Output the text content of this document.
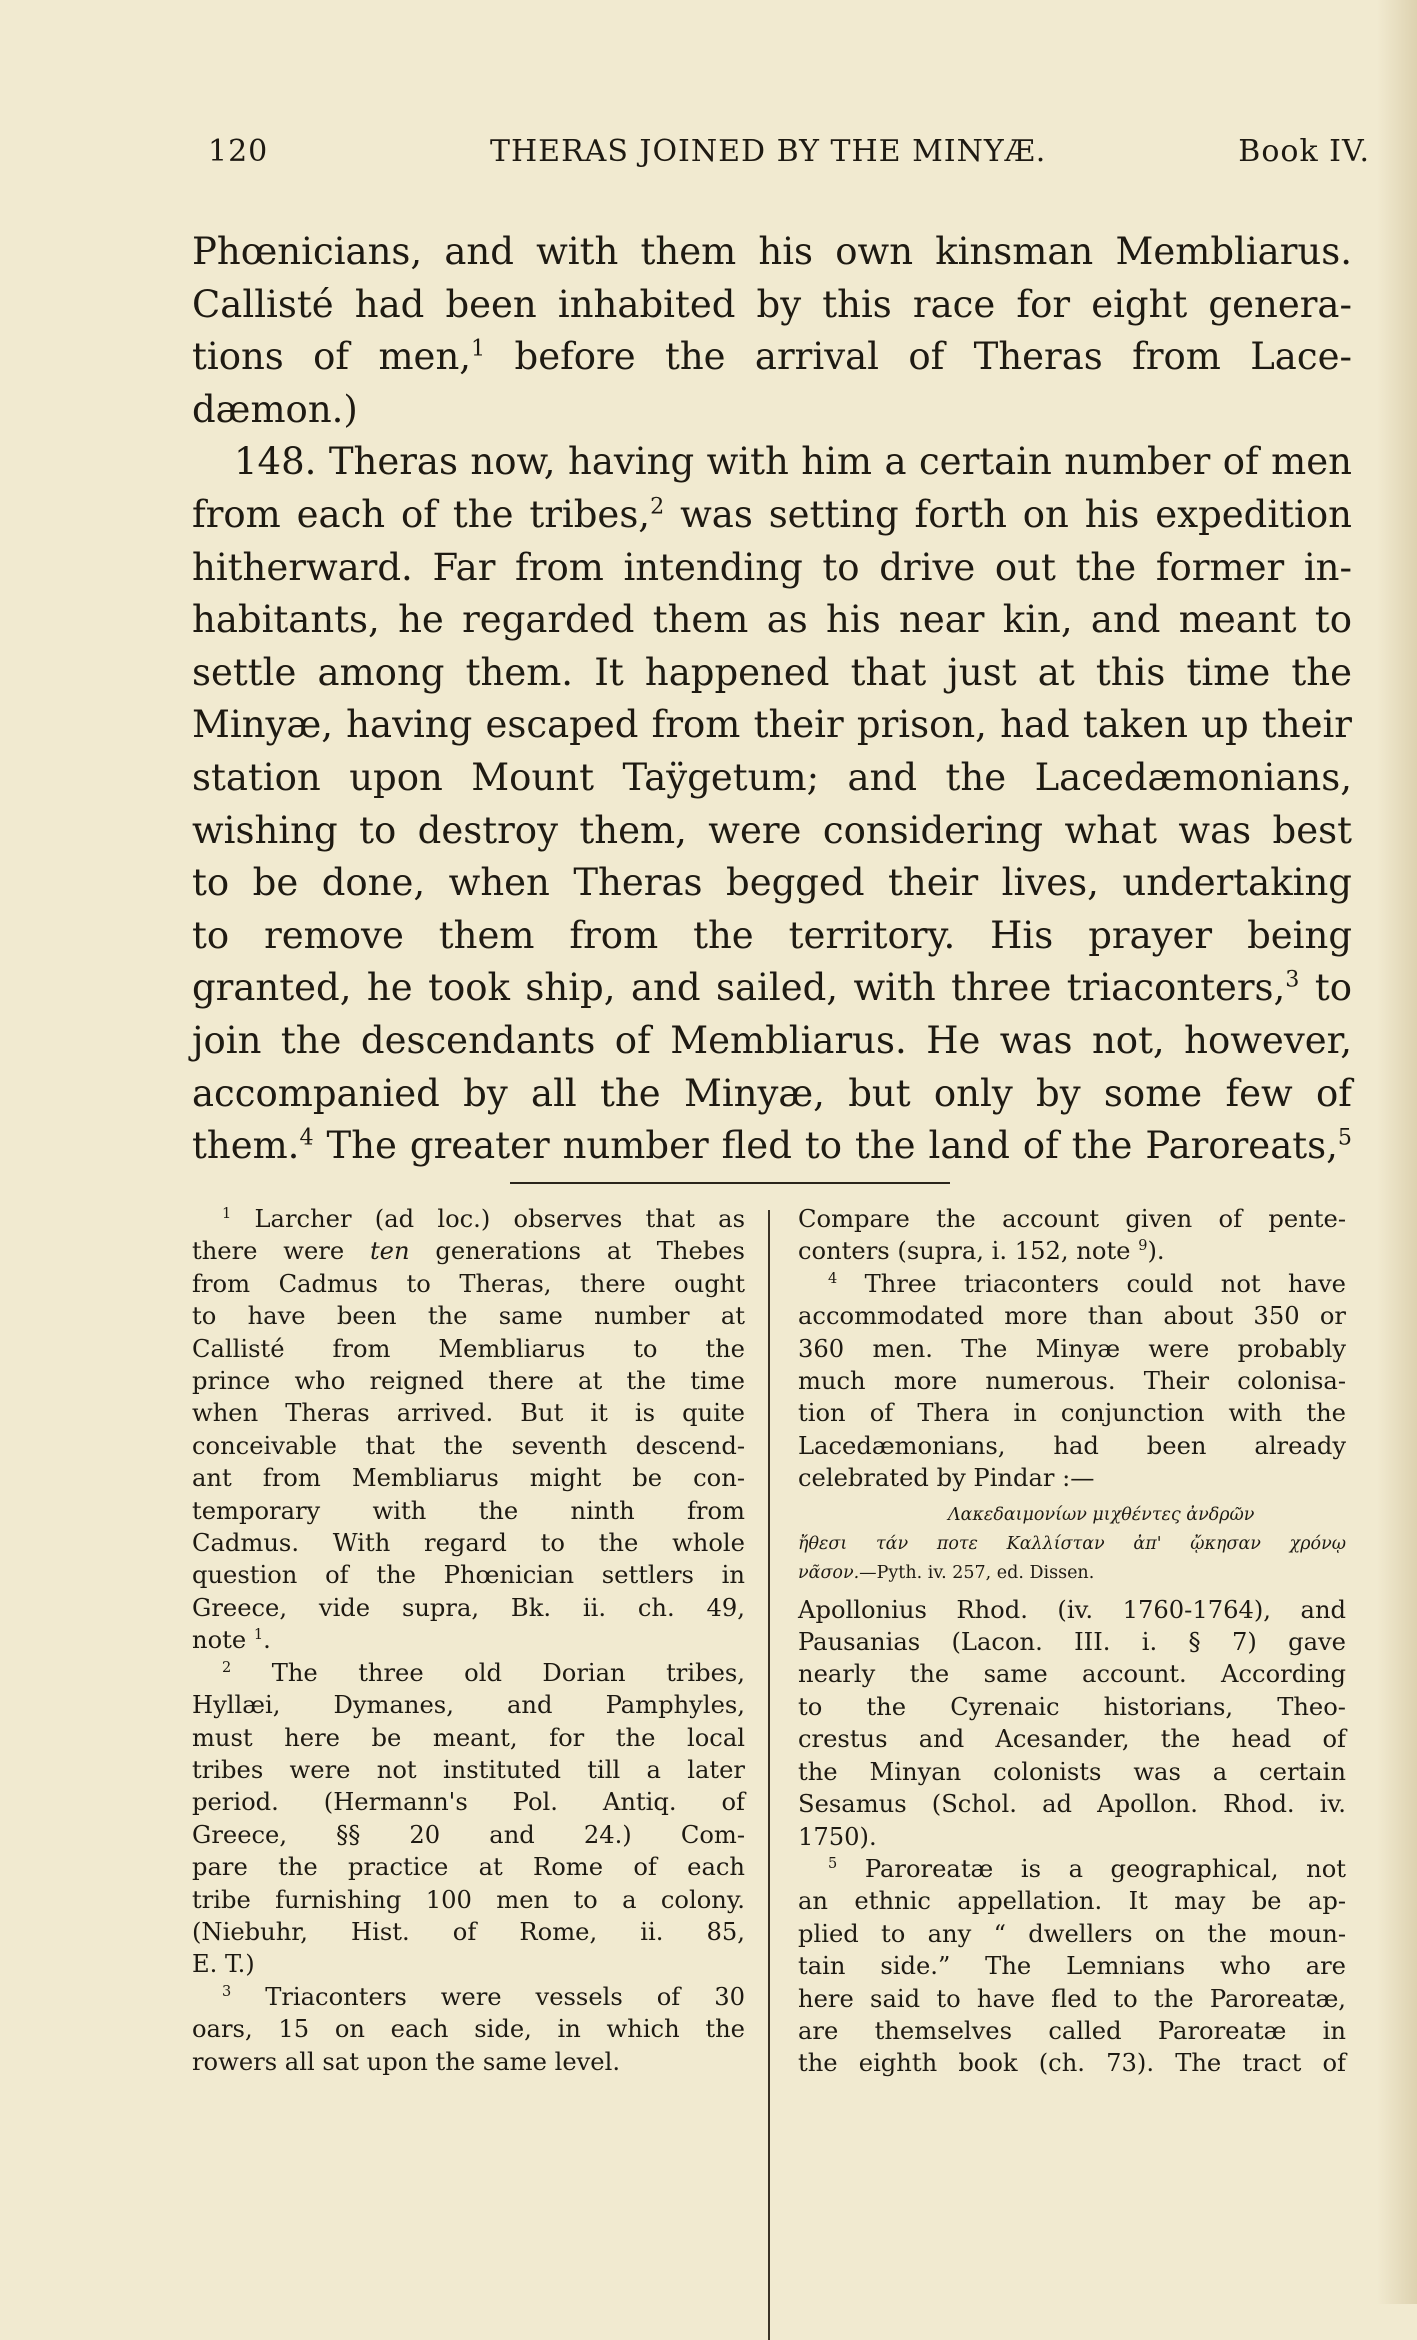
120	THERAS JOINED BY THE MINYÆ.	Book IV.

Phœnicians, and with them his own kinsman Membliarus.
Callisté had been inhabited by this race for eight genera-
tions of men,$^1$ before the arrival of Theras from Lace-
dæmon.)

148. Theras now, having with him a certain number of men
from each of the tribes,$^2$ was setting forth on his expedition
hitherward. Far from intending to drive out the former in-
habitants, he regarded them as his near kin, and meant to
settle among them. It happened that just at this time the
Minyæ, having escaped from their prison, had taken up their
station upon Mount Taÿgetum; and the Lacedæmonians,
wishing to destroy them, were considering what was best
to be done, when Theras begged their lives, undertaking
to remove them from the territory. His prayer being
granted, he took ship, and sailed, with three triaconters,$^3$ to
join the descendants of Membliarus. He was not, however,
accompanied by all the Minyæ, but only by some few of
them.$^4$ The greater number fled to the land of the Paroreats,$^5$

$^1$ Larcher (ad loc.) observes that as
there were ten generations at Thebes
from Cadmus to Theras, there ought
to have been the same number at
Callisté from Membliarus to the
prince who reigned there at the time
when Theras arrived. But it is quite
conceivable that the seventh descend-
ant from Membliarus might be con-
temporary with the ninth from
Cadmus. With regard to the whole
question of the Phœnician settlers in
Greece, vide supra, Bk. ii. ch. 49,
note $^1$.
$^2$ The three old Dorian tribes,
Hyllæi, Dymanes, and Pamphyles,
must here be meant, for the local
tribes were not instituted till a later
period. (Hermann's Pol. Antiq. of
Greece, §§ 20 and 24.) Com-
pare the practice at Rome of each
tribe furnishing 100 men to a colony.
(Niebuhr, Hist. of Rome, ii. 85,
E. T.)
$^3$ Triaconters were vessels of 30
oars, 15 on each side, in which the
rowers all sat upon the same level.
Compare the account given of pente-
conters (supra, i. 152, note $^9$).
$^4$ Three triaconters could not have
accommodated more than about 350 or
360 men. The Minyæ were probably
much more numerous. Their colonisa-
tion of Thera in conjunction with the
Lacedæmonians, had been already
celebrated by Pindar :—
Λακεδαιμονίων μιχθέντες ἀνδρῶν
ἤθεσι τάν ποτε Καλλίσταν ἀπ' ᾤκησαν χρόνῳ
νᾶσον.—Pyth. iv. 257, ed. Dissen.
Apollonius Rhod. (iv. 1760-1764), and
Pausanias (Lacon. III. i. § 7) gave
nearly the same account. According
to the Cyrenaic historians, Theo-
crestus and Acesander, the head of
the Minyan colonists was a certain
Sesamus (Schol. ad Apollon. Rhod. iv.
1750).
$^5$ Paroreatæ is a geographical, not
an ethnic appellation. It may be ap-
plied to any “ dwellers on the moun-
tain side.” The Lemnians who are
here said to have fled to the Paroreatæ,
are themselves called Paroreatæ in
the eighth book (ch. 73). The tract of
